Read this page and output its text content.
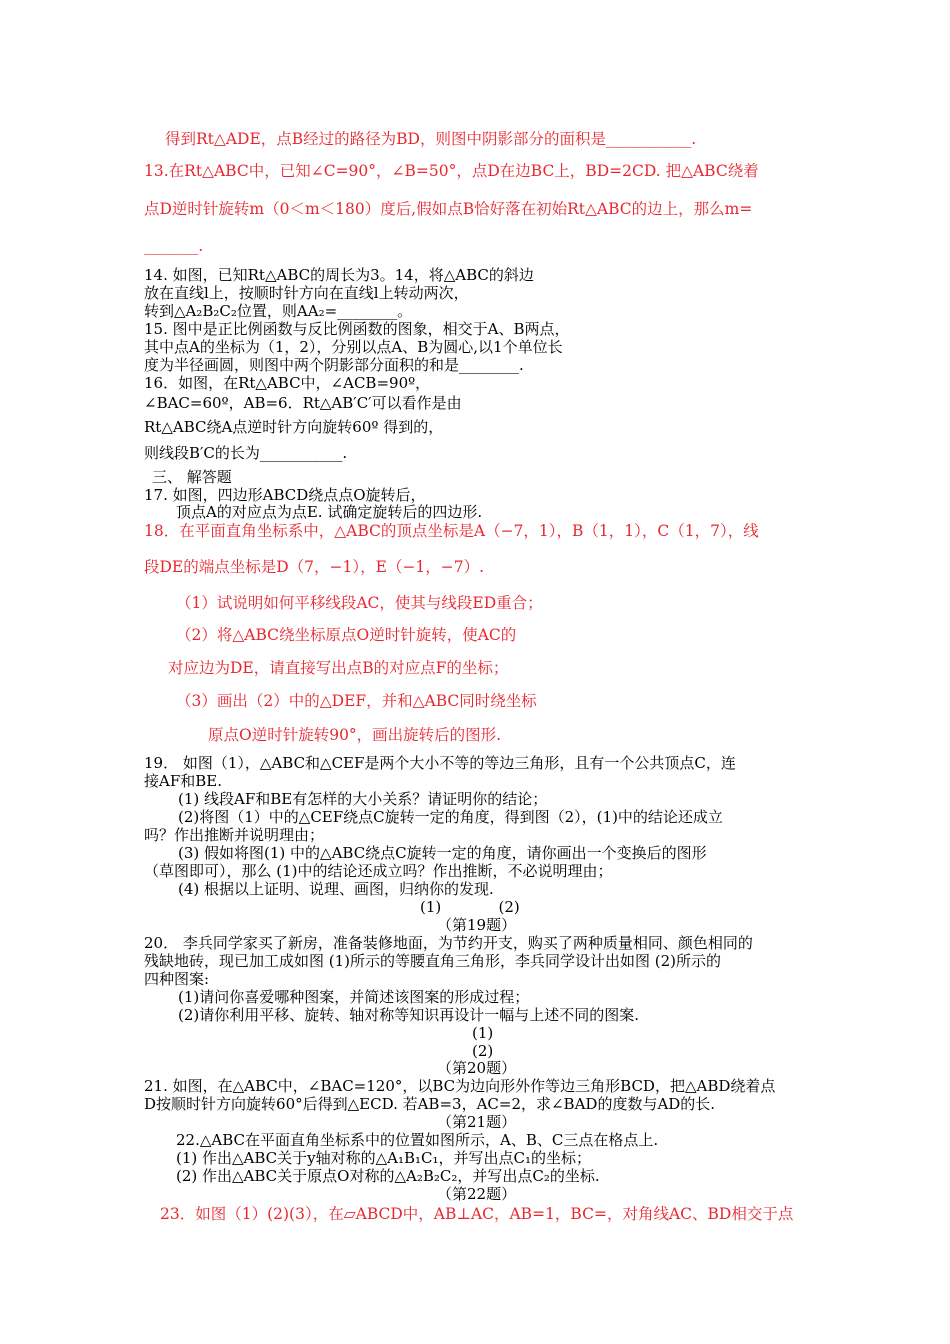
得到Rt△ADE，点B经过的路径为BD，则图中阴影部分的面积是___________.
13.在Rt△ABC中，已知∠C=90°，∠B=50°，点D在边BC上，BD=2CD. 把△ABC绕着
点D逆时针旋转m（0＜m＜180）度后,假如点B恰好落在初始Rt△ABC的边上，那么m=
_______.
14. 如图，已知Rt△ABC的周长为3。14，将△ABC的斜边
放在直线l上，按顺时针方向在直线l上转动两次，
转到△A₂B₂C₂位置，则AA₂=________。
15. 图中是正比例函数与反比例函数的图象，相交于A、B两点，
其中点A的坐标为（1，2），分别以点A、B为圆心,以1个单位长
度为半径画圆，则图中两个阴影部分面积的和是________.
16．如图，在Rt△ABC中，∠ACB=90º，
∠BAC=60º，AB=6．Rt△AB′C′可以看作是由
Rt△ABC绕A点逆时针方向旋转60º 得到的，
则线段B′C的长为___________.
三、 解答题
17. 如图，四边形ABCD绕点点O旋转后，
顶点A的对应点为点E. 试确定旋转后的四边形.
18．在平面直角坐标系中，△ABC的顶点坐标是A（−7，1），B（1，1），C（1，7），线
段DE的端点坐标是D（7，−1），E（−1，−7）.
（1）试说明如何平移线段AC，使其与线段ED重合；
（2）将△ABC绕坐标原点O逆时针旋转，使AC的
对应边为DE，请直接写出点B的对应点F的坐标；
（3）画出（2）中的△DEF，并和△ABC同时绕坐标
原点O逆时针旋转90°，画出旋转后的图形.
19． 如图（1），△ABC和△CEF是两个大小不等的等边三角形，且有一个公共顶点C，连
接AF和BE.
(1) 线段AF和BE有怎样的大小关系？请证明你的结论；
(2)将图（1）中的△CEF绕点C旋转一定的角度，得到图（2），(1)中的结论还成立
吗？作出推断并说明理由；
(3) 假如将图(1) 中的△ABC绕点C旋转一定的角度，请你画出一个变换后的图形
（草图即可），那么 (1)中的结论还成立吗？作出推断，不必说明理由；
(4) 根据以上证明、说理、画图，归纳你的发现.
(1)            (2)
（第19题）
20． 李兵同学家买了新房，准备装修地面，为节约开支，购买了两种质量相同、颜色相同的
残缺地砖，现已加工成如图 (1)所示的等腰直角三角形，李兵同学设计出如图 (2)所示的
四种图案:
(1)请问你喜爱哪种图案，并简述该图案的形成过程；
(2)请你利用平移、旋转、轴对称等知识再设计一幅与上述不同的图案.
(1)
(2)
（第20题）
21. 如图，在△ABC中，∠BAC=120°，以BC为边向形外作等边三角形BCD，把△ABD绕着点
D按顺时针方向旋转60°后得到△ECD. 若AB=3，AC=2，求∠BAD的度数与AD的长.
（第21题）
22.△ABC在平面直角坐标系中的位置如图所示，A、B、C三点在格点上.
(1) 作出△ABC关于y轴对称的△A₁B₁C₁，并写出点C₁的坐标；
(2) 作出△ABC关于原点O对称的△A₂B₂C₂，并写出点C₂的坐标.
（第22题）
23．如图（1）(2)(3），在▱ABCD中，AB⊥AC，AB=1，BC=，对角线AC、BD相交于点
